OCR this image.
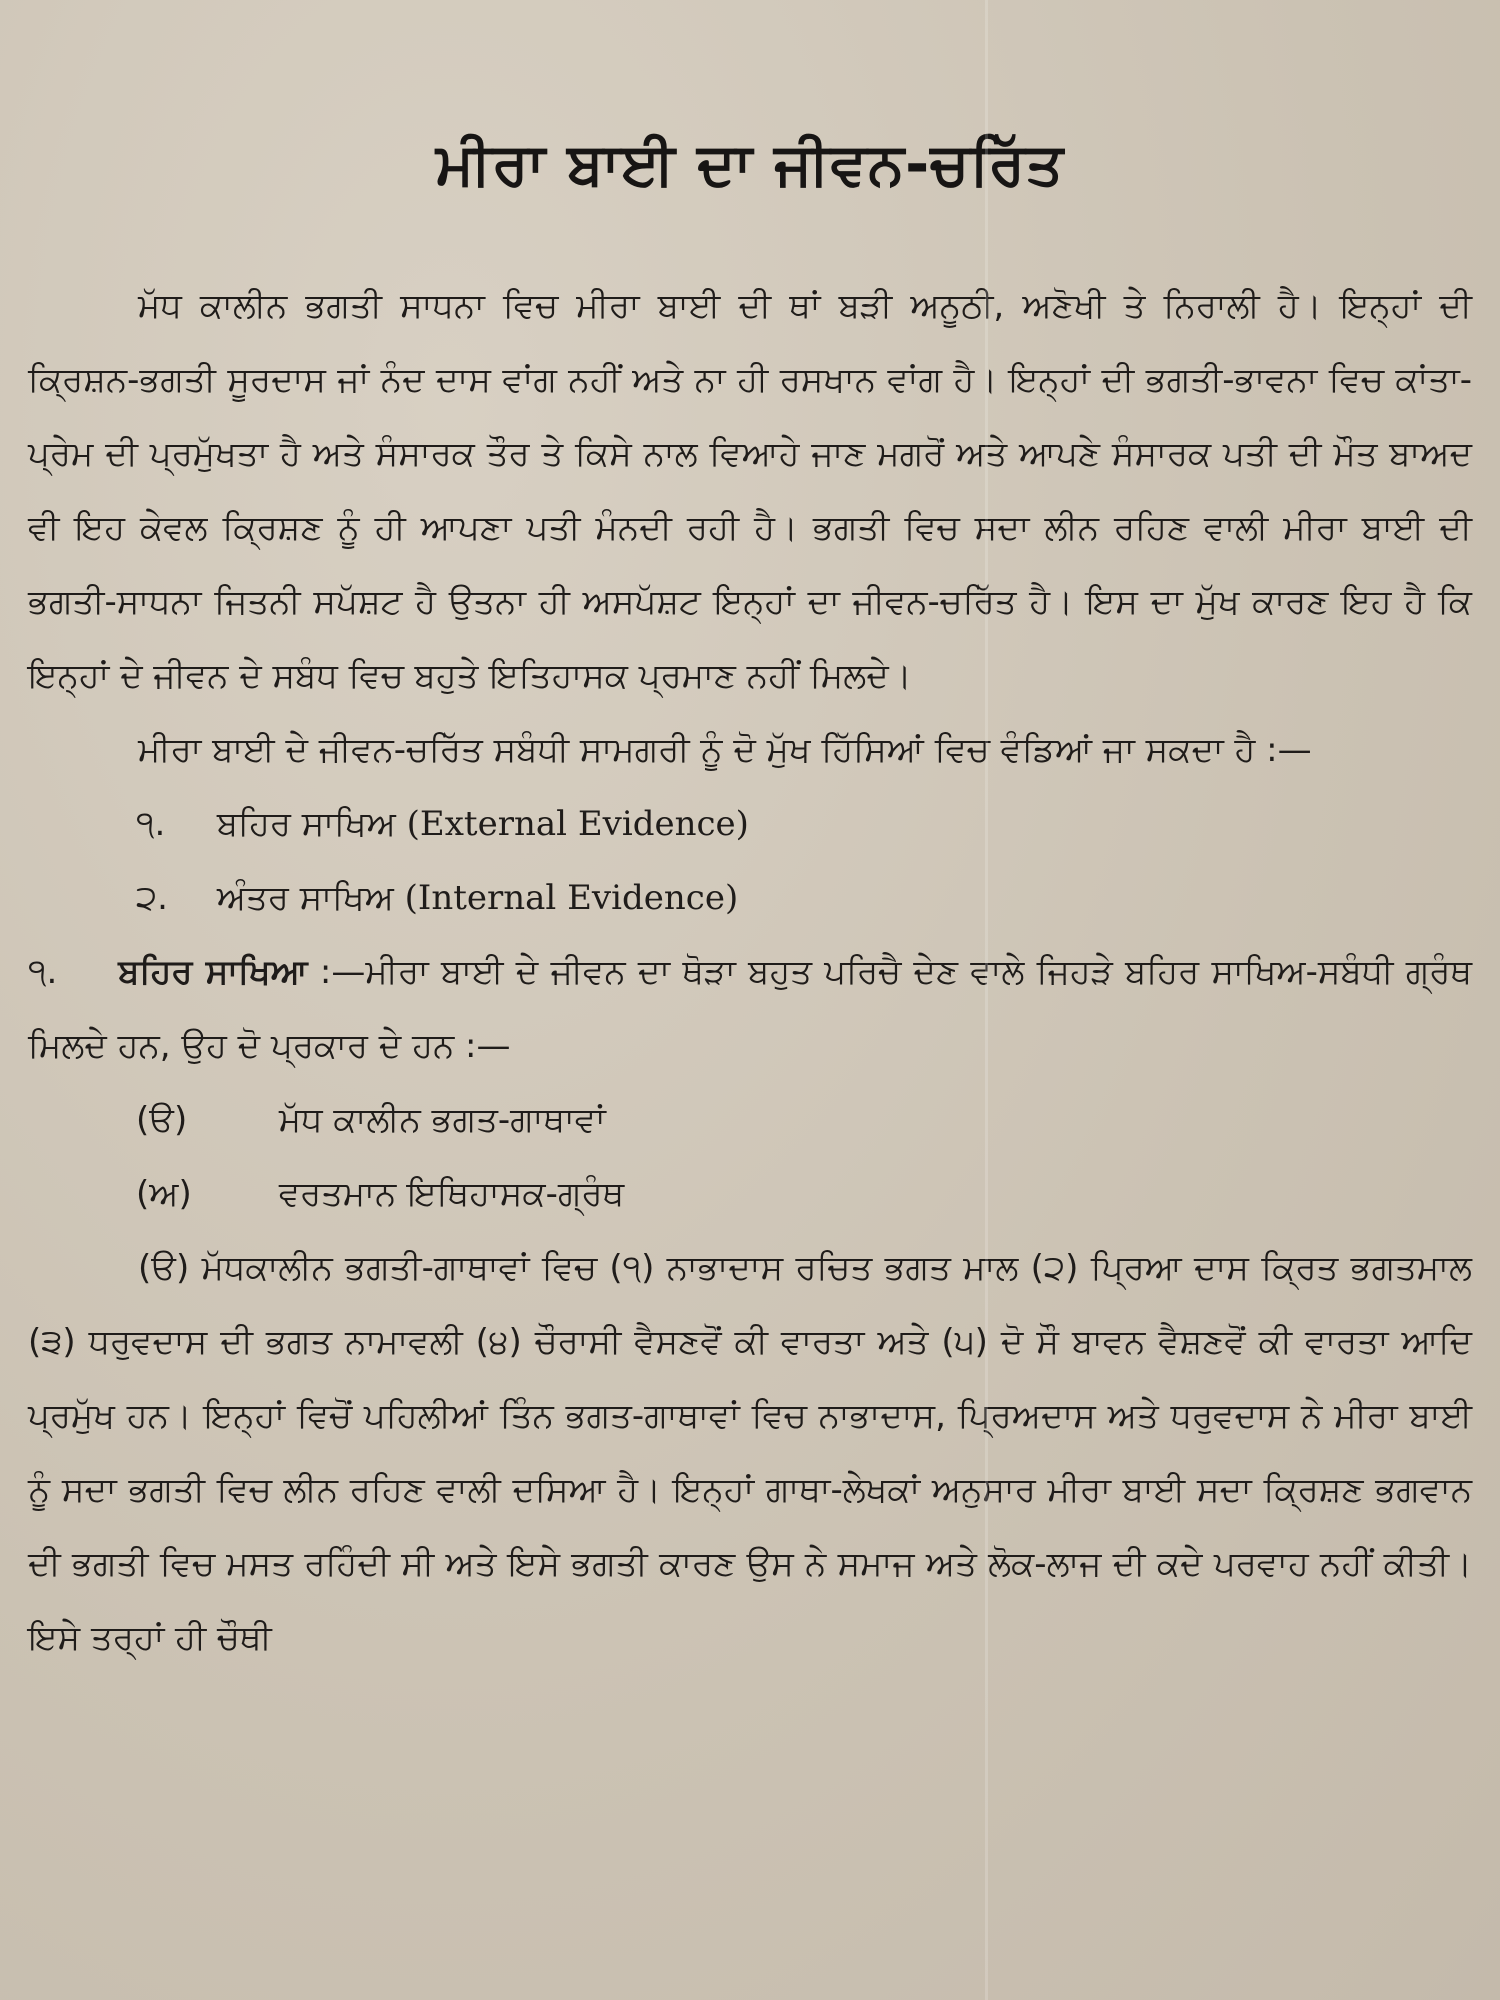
ਮੀਰਾ ਬਾਈ ਦਾ ਜੀਵਨ-ਚਰਿੱਤ

ਮੱਧ ਕਾਲੀਨ ਭਗਤੀ ਸਾਧਨਾ ਵਿਚ ਮੀਰਾ ਬਾਈ ਦੀ ਥਾਂ ਬੜੀ ਅਨੂਠੀ, ਅਣੋਖੀ ਤੇ ਨਿਰਾਲੀ ਹੈ। ਇਨ੍ਹਾਂ ਦੀ ਕ੍ਰਿਸ਼ਨ-ਭਗਤੀ ਸੂਰਦਾਸ ਜਾਂ ਨੰਦ ਦਾਸ ਵਾਂਗ ਨਹੀਂ ਅਤੇ ਨਾ ਹੀ ਰਸਖਾਨ ਵਾਂਗ ਹੈ। ਇਨ੍ਹਾਂ ਦੀ ਭਗਤੀ-ਭਾਵਨਾ ਵਿਚ ਕਾਂਤਾ-ਪ੍ਰੇਮ ਦੀ ਪ੍ਰਮੁੱਖਤਾ ਹੈ ਅਤੇ ਸੰਸਾਰਕ ਤੌਰ ਤੇ ਕਿਸੇ ਨਾਲ ਵਿਆਹੇ ਜਾਣ ਮਗਰੋਂ ਅਤੇ ਆਪਣੇ ਸੰਸਾਰਕ ਪਤੀ ਦੀ ਮੌਤ ਬਾਅਦ ਵੀ ਇਹ ਕੇਵਲ ਕ੍ਰਿਸ਼ਣ ਨੂੰ ਹੀ ਆਪਣਾ ਪਤੀ ਮੰਨਦੀ ਰਹੀ ਹੈ। ਭਗਤੀ ਵਿਚ ਸਦਾ ਲੀਨ ਰਹਿਣ ਵਾਲੀ ਮੀਰਾ ਬਾਈ ਦੀ ਭਗਤੀ-ਸਾਧਨਾ ਜਿਤਨੀ ਸਪੱਸ਼ਟ ਹੈ ਉਤਨਾ ਹੀ ਅਸਪੱਸ਼ਟ ਇਨ੍ਹਾਂ ਦਾ ਜੀਵਨ-ਚਰਿੱਤ ਹੈ। ਇਸ ਦਾ ਮੁੱਖ ਕਾਰਣ ਇਹ ਹੈ ਕਿ ਇਨ੍ਹਾਂ ਦੇ ਜੀਵਨ ਦੇ ਸਬੰਧ ਵਿਚ ਬਹੁਤੇ ਇਤਿਹਾਸਕ ਪ੍ਰਮਾਣ ਨਹੀਂ ਮਿਲਦੇ।

ਮੀਰਾ ਬਾਈ ਦੇ ਜੀਵਨ-ਚਰਿੱਤ ਸਬੰਧੀ ਸਾਮਗਰੀ ਨੂੰ ਦੋ ਮੁੱਖ ਹਿੱਸਿਆਂ ਵਿਚ ਵੰਡਿਆਂ ਜਾ ਸਕਦਾ ਹੈ :—

੧. ਬਹਿਰ ਸਾਖਿਅ (External Evidence)

੨. ਅੰਤਰ ਸਾਖਿਅ (Internal Evidence)

੧. ਬਹਿਰ ਸਾਖਿਆ :—ਮੀਰਾ ਬਾਈ ਦੇ ਜੀਵਨ ਦਾ ਥੋੜਾ ਬਹੁਤ ਪਰਿਚੈ ਦੇਣ ਵਾਲੇ ਜਿਹੜੇ ਬਹਿਰ ਸਾਖਿਅ-ਸਬੰਧੀ ਗ੍ਰੰਥ ਮਿਲਦੇ ਹਨ, ਉਹ ਦੋ ਪ੍ਰਕਾਰ ਦੇ ਹਨ :—

(ੳ)	ਮੱਧ ਕਾਲੀਨ ਭਗਤ-ਗਾਥਾਵਾਂ

(ਅ)	ਵਰਤਮਾਨ ਇਥਿਹਾਸਕ-ਗ੍ਰੰਥ

(ੳ) ਮੱਧਕਾਲੀਨ ਭਗਤੀ-ਗਾਥਾਵਾਂ ਵਿਚ (੧) ਨਾਭਾਦਾਸ ਰਚਿਤ ਭਗਤ ਮਾਲ (੨) ਪ੍ਰਿਆ ਦਾਸ ਕ੍ਰਿਤ ਭਗਤਮਾਲ (੩) ਧਰੁਵਦਾਸ ਦੀ ਭਗਤ ਨਾਮਾਵਲੀ (੪) ਚੌਰਾਸੀ ਵੈਸਣਵੋਂ ਕੀ ਵਾਰਤਾ ਅਤੇ (੫) ਦੋ ਸੌ ਬਾਵਨ ਵੈਸ਼ਣਵੋਂ ਕੀ ਵਾਰਤਾ ਆਦਿ ਪ੍ਰਮੁੱਖ ਹਨ। ਇਨ੍ਹਾਂ ਵਿਚੋਂ ਪਹਿਲੀਆਂ ਤਿੰਨ ਭਗਤ-ਗਾਥਾਵਾਂ ਵਿਚ ਨਾਭਾਦਾਸ, ਪ੍ਰਿਅਦਾਸ ਅਤੇ ਧਰੁਵਦਾਸ ਨੇ ਮੀਰਾ ਬਾਈ ਨੂੰ ਸਦਾ ਭਗਤੀ ਵਿਚ ਲੀਨ ਰਹਿਣ ਵਾਲੀ ਦਸਿਆ ਹੈ। ਇਨ੍ਹਾਂ ਗਾਥਾ-ਲੇਖਕਾਂ ਅਨੁਸਾਰ ਮੀਰਾ ਬਾਈ ਸਦਾ ਕ੍ਰਿਸ਼ਣ ਭਗਵਾਨ ਦੀ ਭਗਤੀ ਵਿਚ ਮਸਤ ਰਹਿੰਦੀ ਸੀ ਅਤੇ ਇਸੇ ਭਗਤੀ ਕਾਰਣ ਉਸ ਨੇ ਸਮਾਜ ਅਤੇ ਲੋਕ-ਲਾਜ ਦੀ ਕਦੇ ਪਰਵਾਹ ਨਹੀਂ ਕੀਤੀ। ਇਸੇ ਤਰ੍ਹਾਂ ਹੀ ਚੌਥੀ
